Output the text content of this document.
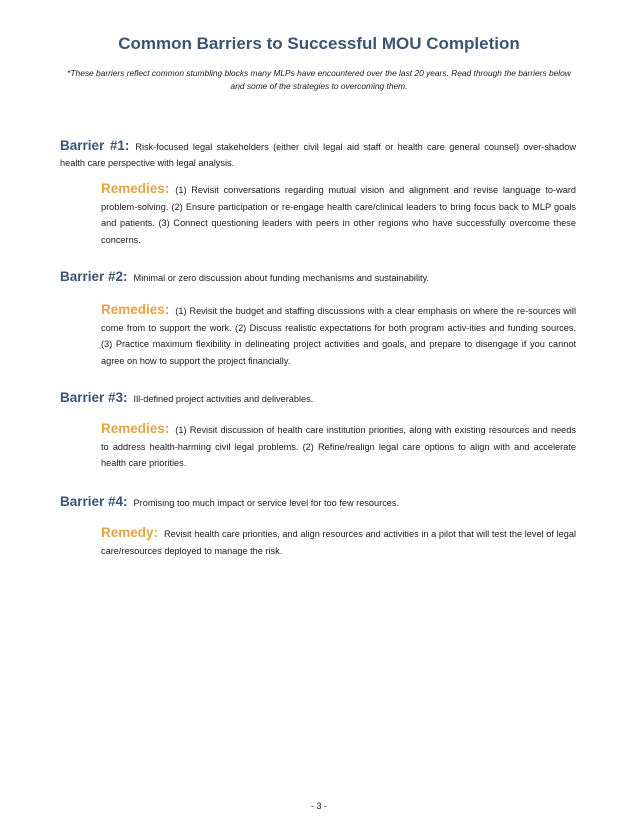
Common Barriers to Successful MOU Completion
*These barriers reflect common stumbling blocks many MLPs have encountered over the last 20 years. Read through the barriers below and some of the strategies to overcoming them.
Barrier #1: Risk-focused legal stakeholders (either civil legal aid staff or health care general counsel) over-shadow health care perspective with legal analysis.
Remedies: (1) Revisit conversations regarding mutual vision and alignment and revise language to-ward problem-solving. (2) Ensure participation or re-engage health care/clinical leaders to bring focus back to MLP goals and patients. (3) Connect questioning leaders with peers in other regions who have successfully overcome these concerns.
Barrier #2: Minimal or zero discussion about funding mechanisms and sustainability.
Remedies: (1) Revisit the budget and staffing discussions with a clear emphasis on where the re-sources will come from to support the work. (2) Discuss realistic expectations for both program activ-ities and funding sources. (3) Practice maximum flexibility in delineating project activities and goals, and prepare to disengage if you cannot agree on how to support the project financially.
Barrier #3: Ill-defined project activities and deliverables.
Remedies: (1) Revisit discussion of health care institution priorities, along with existing resources and needs to address health-harming civil legal problems. (2) Refine/realign legal care options to align with and accelerate health care priorities.
Barrier #4: Promising too much impact or service level for too few resources.
Remedy: Revisit health care priorities, and align resources and activities in a pilot that will test the level of legal care/resources deployed to manage the risk.
- 3 -
